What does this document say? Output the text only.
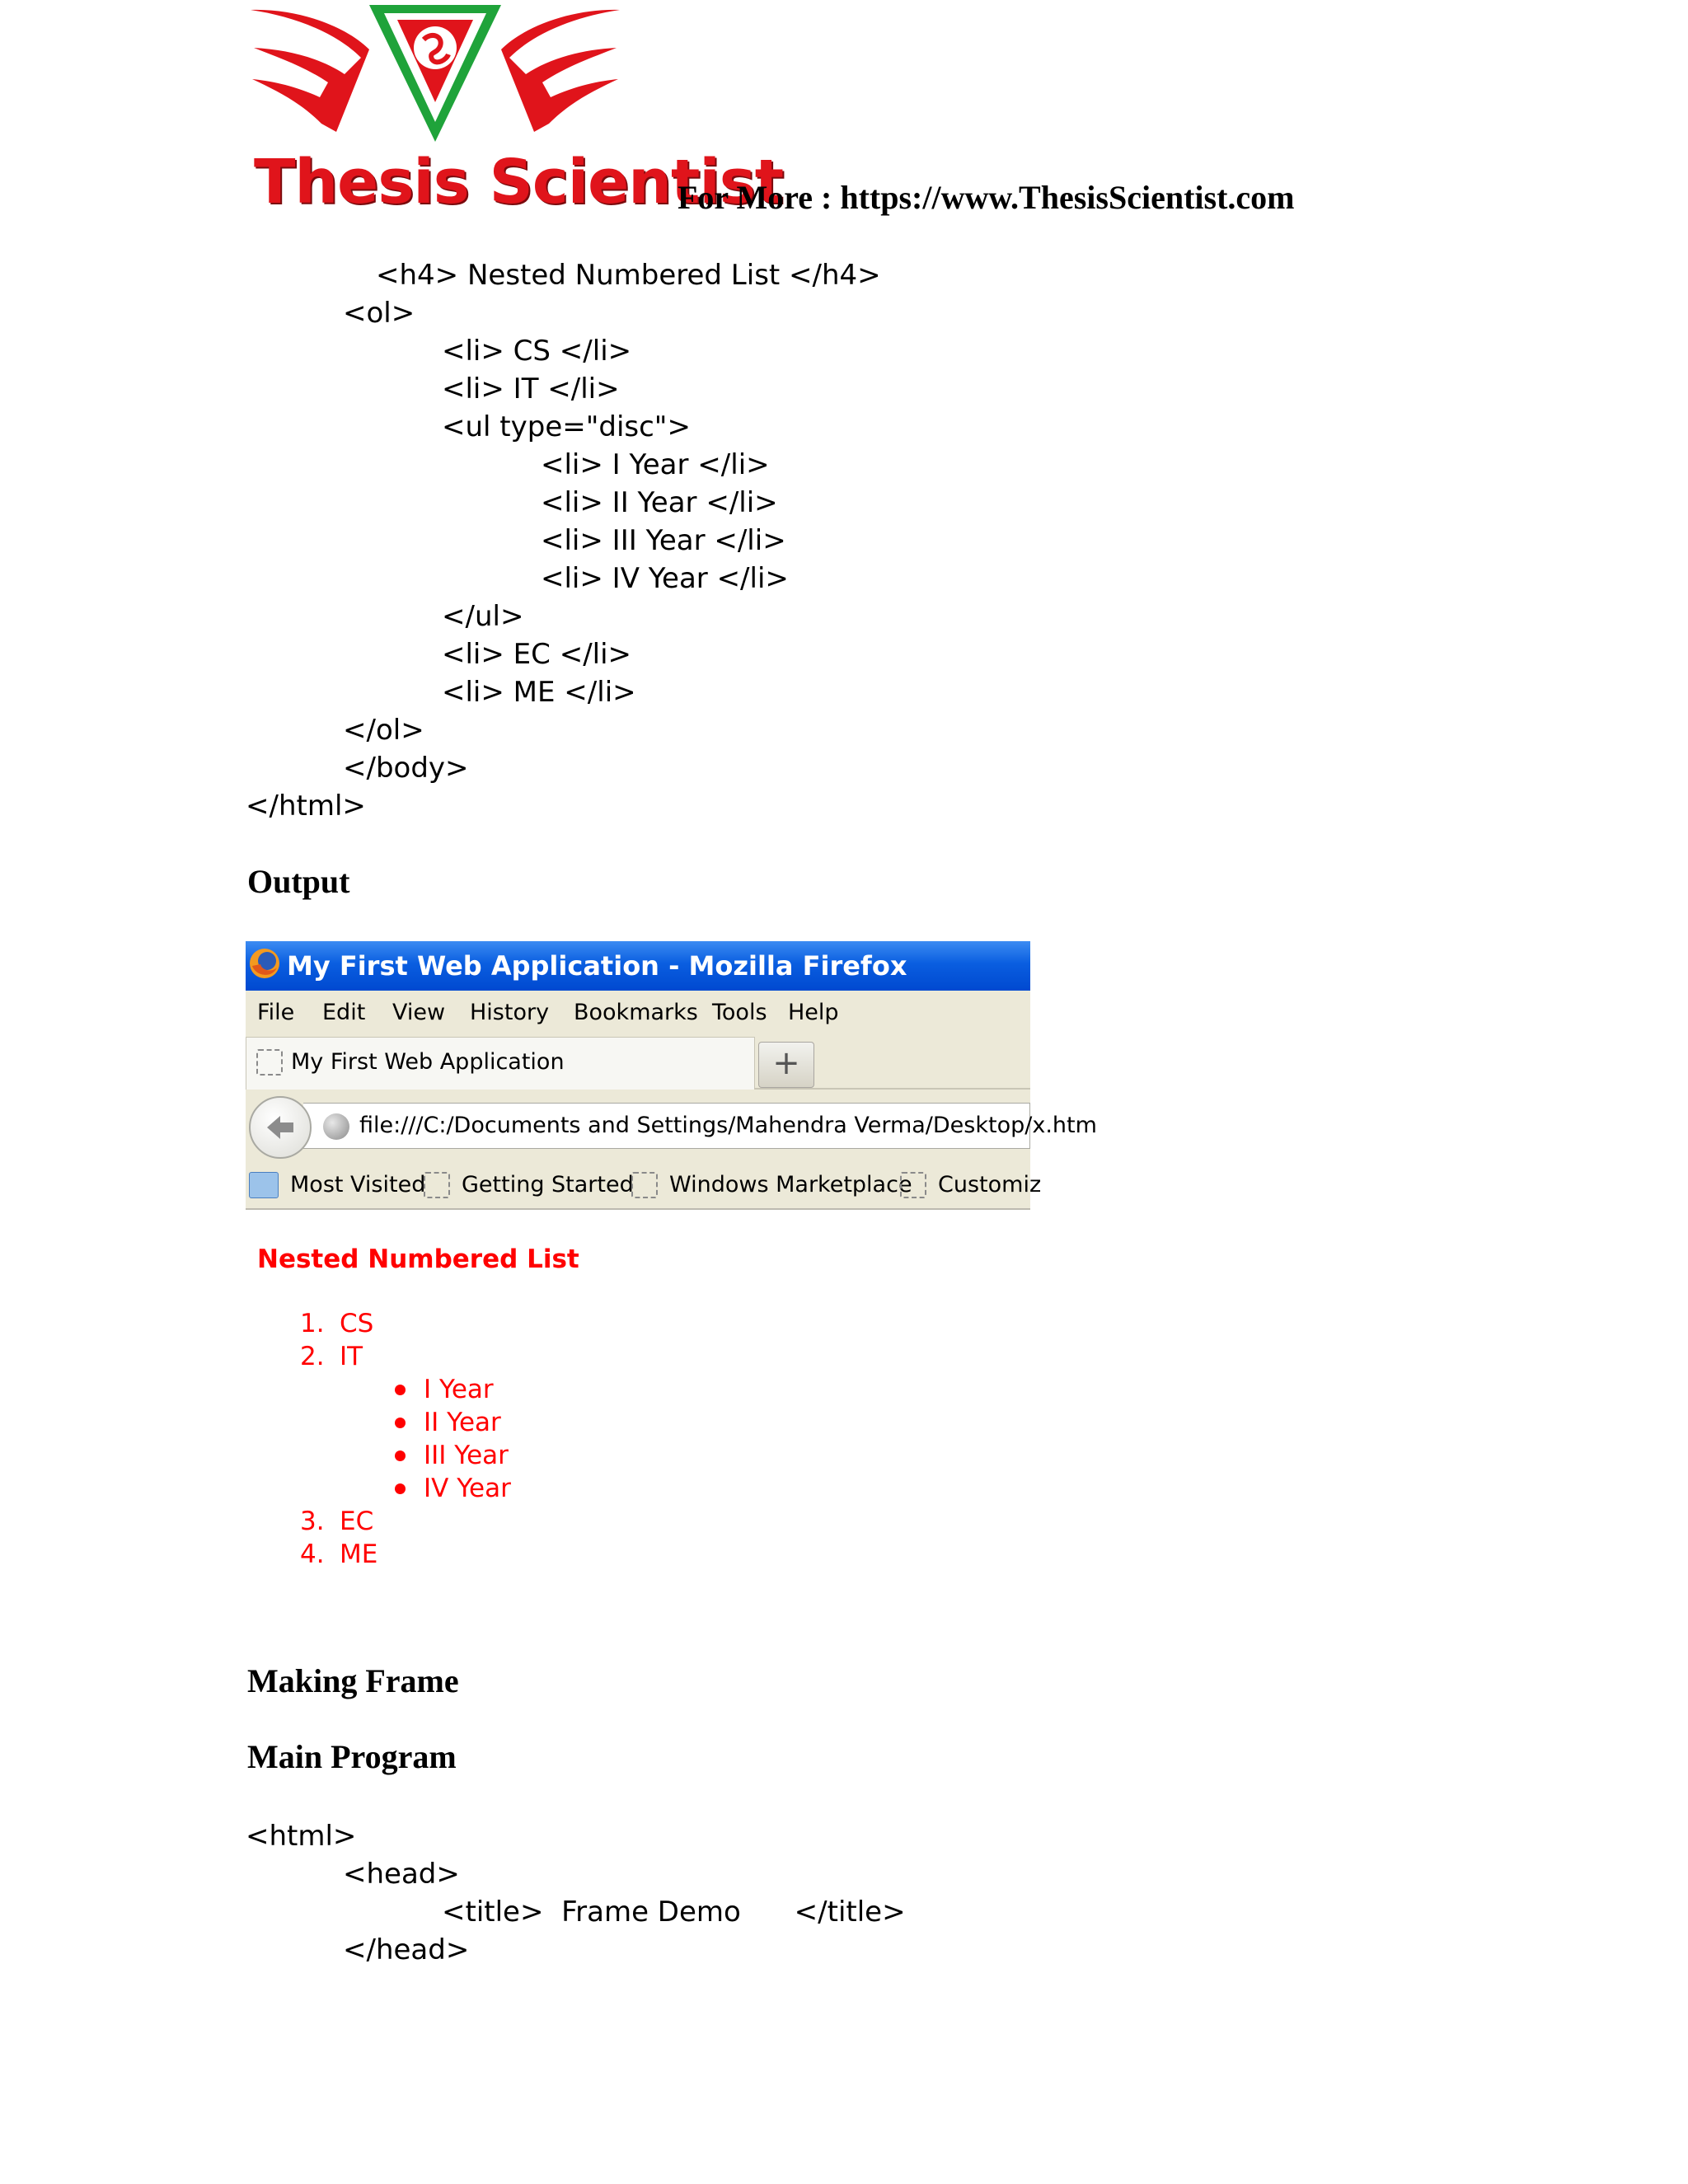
Thesis Scientist
For More : https://www.ThesisScientist.com
<h4> Nested Numbered List </h4>
<ol>
<li> CS </li>
<li> IT </li>
<ul type="disc">
<li> I Year </li>
<li> II Year </li>
<li> III Year </li>
<li> IV Year </li>
</ul>
<li> EC </li>
<li> ME </li>
</ol>
</body>
</html>
Output
My First Web Application - Mozilla Firefox
File Edit View History Bookmarks Tools Help
My First Web Application	+
file:///C:/Documents and Settings/Mahendra Verma/Desktop/x.htm
Most Visited Getting Started Windows Marketplace Customiz
Nested Numbered List
1. CS
2. IT
I Year
II Year
III Year
IV Year
3. EC
4. ME
Making Frame
Main Program
<html>
<head>
<title>  Frame Demo      </title>
</head>
